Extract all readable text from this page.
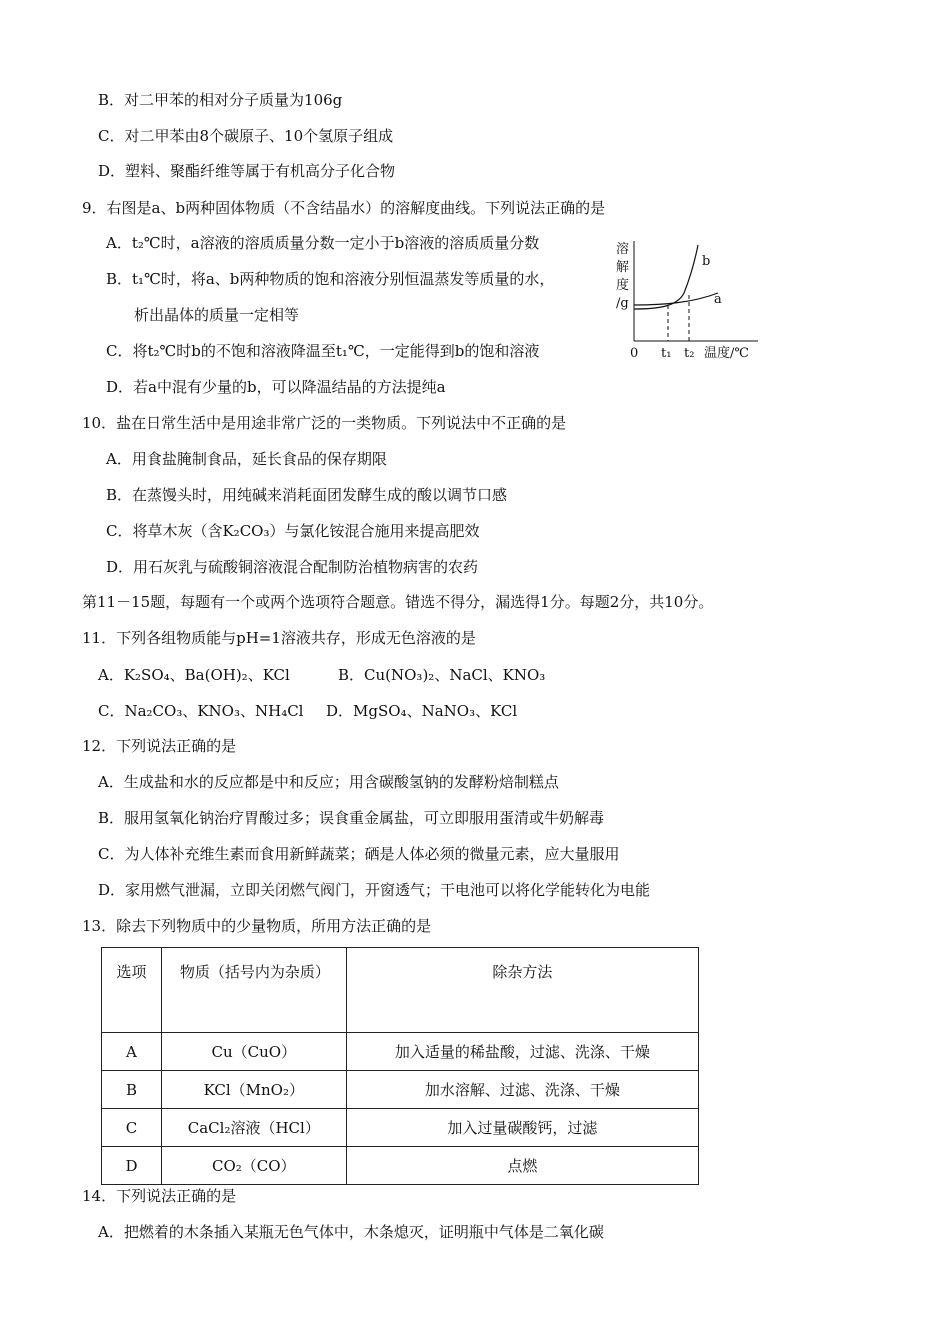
B．对二甲苯的相对分子质量为106g
C．对二甲苯由8个碳原子、10个氢原子组成
D．塑料、聚酯纤维等属于有机高分子化合物
9．右图是a、b两种固体物质（不含结晶水）的溶解度曲线。下列说法正确的是
A．t₂℃时，a溶液的溶质质量分数一定小于b溶液的溶质质量分数
B．t₁℃时，将a、b两种物质的饱和溶液分别恒温蒸发等质量的水，
析出晶体的质量一定相等
C．将t₂℃时b的不饱和溶液降温至t₁℃，一定能得到b的饱和溶液
D．若a中混有少量的b，可以降温结晶的方法提纯a
溶
解
度
/g
b
a
0 t₁ t₂ 温度/℃
10．盐在日常生活中是用途非常广泛的一类物质。下列说法中不正确的是
A．用食盐腌制食品，延长食品的保存期限
B．在蒸馒头时，用纯碱来消耗面团发酵生成的酸以调节口感
C．将草木灰（含K₂CO₃）与氯化铵混合施用来提高肥效
D．用石灰乳与硫酸铜溶液混合配制防治植物病害的农药
第11－15题，每题有一个或两个选项符合题意。错选不得分，漏选得1分。每题2分，共10分。
11．下列各组物质能与pH=1溶液共存，形成无色溶液的是
A．K₂SO₄、Ba(OH)₂、KCl	B．Cu(NO₃)₂、NaCl、KNO₃
C．Na₂CO₃、KNO₃、NH₄Cl D．MgSO₄、NaNO₃、KCl
12．下列说法正确的是
A．生成盐和水的反应都是中和反应；用含碳酸氢钠的发酵粉焙制糕点
B．服用氢氧化钠治疗胃酸过多；误食重金属盐，可立即服用蛋清或牛奶解毒
C．为人体补充维生素而食用新鲜蔬菜；硒是人体必须的微量元素，应大量服用
D．家用燃气泄漏，立即关闭燃气阀门，开窗透气；干电池可以将化学能转化为电能
13．除去下列物质中的少量物质，所用方法正确的是
选项	物质（括号内为杂质）	除杂方法
A	Cu（CuO）	加入适量的稀盐酸，过滤、洗涤、干燥
B	KCl（MnO₂）	加水溶解、过滤、洗涤、干燥
C	CaCl₂溶液（HCl）	加入过量碳酸钙，过滤
D	CO₂（CO）	点燃
14．下列说法正确的是
A．把燃着的木条插入某瓶无色气体中，木条熄灭，证明瓶中气体是二氧化碳
